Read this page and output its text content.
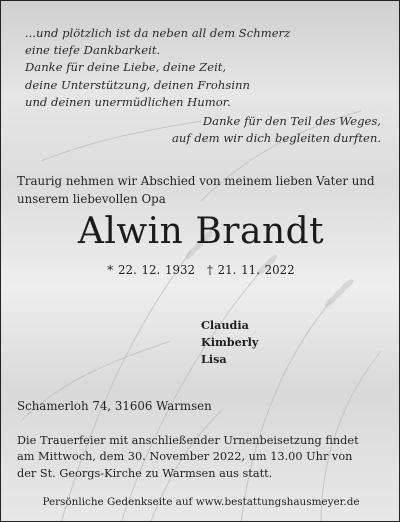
...und plötzlich ist da neben all dem Schmerz
eine tiefe Dankbarkeit.
Danke für deine Liebe, deine Zeit,
deine Unterstützung, deinen Frohsinn
und deinen unermüdlichen Humor.
Danke für den Teil des Weges,
auf dem wir dich begleiten durften.
Traurig nehmen wir Abschied von meinem lieben Vater und unserem liebevollen Opa
Alwin Brandt
* 22. 12. 1932 † 21. 11. 2022
Claudia
Kimberly
Lisa
Schamerloh 74, 31606 Warmsen
Die Trauerfeier mit anschließender Urnenbeisetzung findet
am Mittwoch, dem 30. November 2022, um 13.00 Uhr von
der St. Georgs-Kirche zu Warmsen aus statt.
Persönliche Gedenkseite auf www.bestattungshausmeyer.de
